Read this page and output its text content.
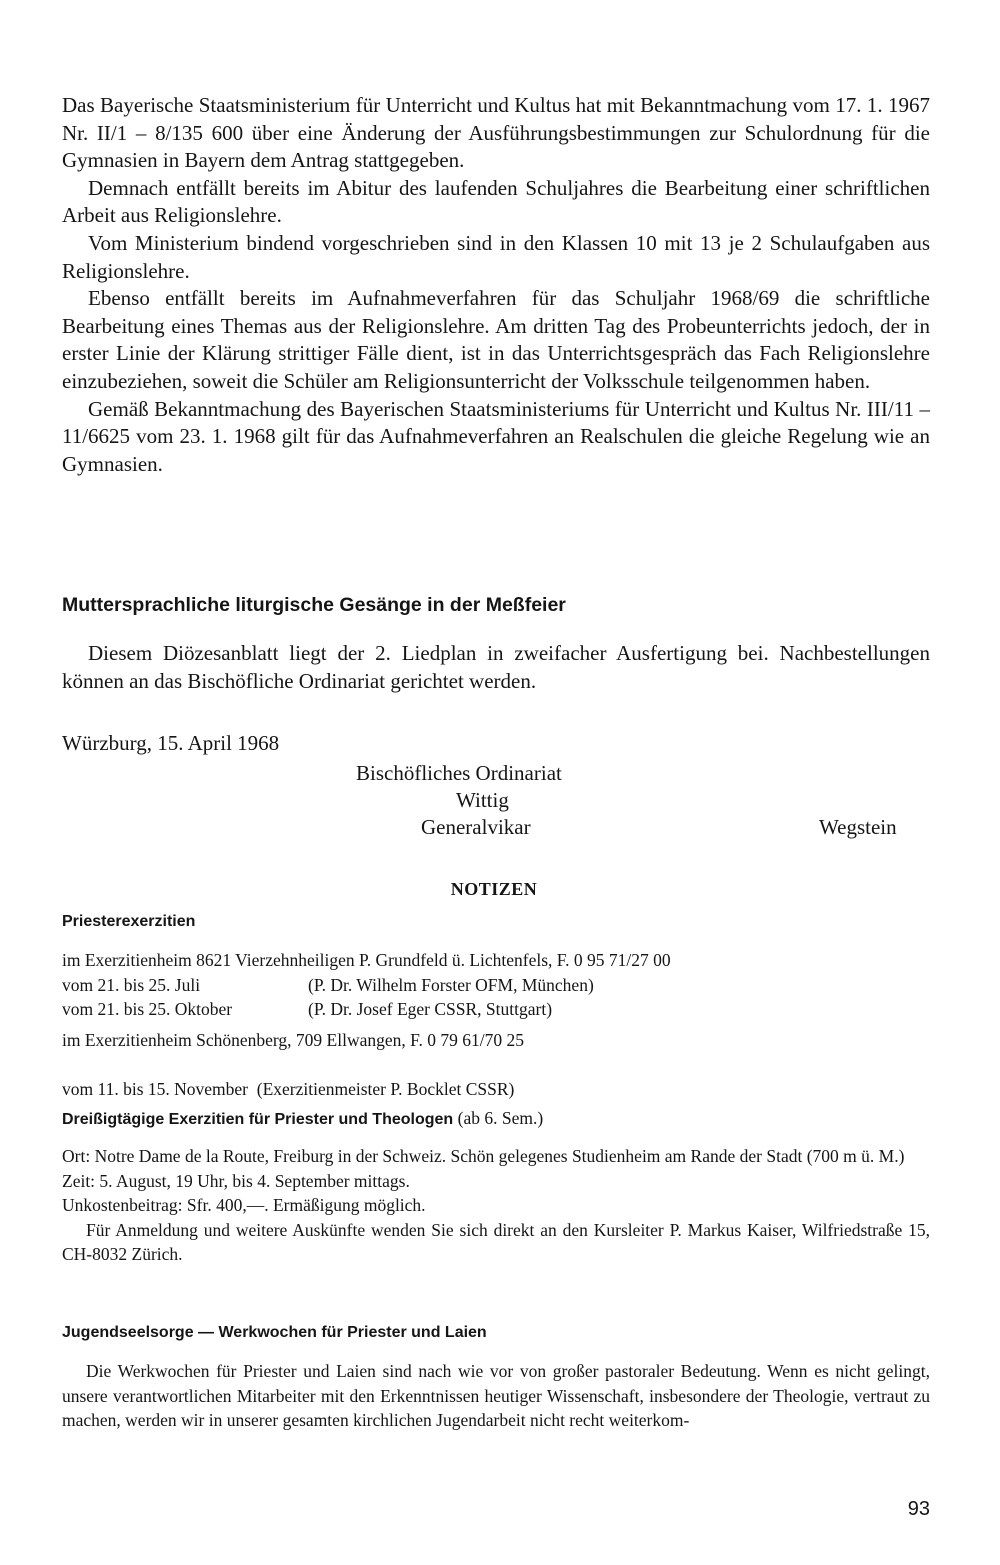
Das Bayerische Staatsministerium für Unterricht und Kultus hat mit Bekanntmachung vom 17. 1. 1967 Nr. II/1 – 8/135 600 über eine Änderung der Ausführungsbestimmungen zur Schulordnung für die Gymnasien in Bayern dem Antrag stattgegeben.

Demnach entfällt bereits im Abitur des laufenden Schuljahres die Bearbeitung einer schriftlichen Arbeit aus Religionslehre.

Vom Ministerium bindend vorgeschrieben sind in den Klassen 10 mit 13 je 2 Schulaufgaben aus Religionslehre.

Ebenso entfällt bereits im Aufnahmeverfahren für das Schuljahr 1968/69 die schriftliche Bearbeitung eines Themas aus der Religionslehre. Am dritten Tag des Probeunterrichts jedoch, der in erster Linie der Klärung strittiger Fälle dient, ist in das Unterrichtsgespräch das Fach Religionslehre einzubeziehen, soweit die Schüler am Religionsunterricht der Volksschule teilgenommen haben.

Gemäß Bekanntmachung des Bayerischen Staatsministeriums für Unterricht und Kultus Nr. III/11 – 11/6625 vom 23. 1. 1968 gilt für das Aufnahmeverfahren an Realschulen die gleiche Regelung wie an Gymnasien.

Muttersprachliche liturgische Gesänge in der Meßfeier

Diesem Diözesanblatt liegt der 2. Liedplan in zweifacher Ausfertigung bei. Nachbestellungen können an das Bischöfliche Ordinariat gerichtet werden.

Würzburg, 15. April 1968
Bischöfliches Ordinariat
Wittig
Generalvikar	Wegstein
NOTIZEN

Priesterexerzitien

im Exerzitienheim 8621 Vierzehnheiligen P. Grundfeld ü. Lichtenfels, F. 0 95 71/27 00
vom 21. bis 25. Juli	(P. Dr. Wilhelm Forster OFM, München)
vom 21. bis 25. Oktober	(P. Dr. Josef Eger CSSR, Stuttgart)
im Exerzitienheim Schönenberg, 709 Ellwangen, F. 0 79 61/70 25

vom 11. bis 15. November  (Exerzitienmeister P. Bocklet CSSR)

Dreißigtägige Exerzitien für Priester und Theologen (ab 6. Sem.)

Ort: Notre Dame de la Route, Freiburg in der Schweiz. Schön gelegenes Studienheim am Rande der Stadt (700 m ü. M.)

Zeit: 5. August, 19 Uhr, bis 4. September mittags.

Unkostenbeitrag: Sfr. 400,—. Ermäßigung möglich.

Für Anmeldung und weitere Auskünfte wenden Sie sich direkt an den Kursleiter P. Markus Kaiser, Wilfriedstraße 15, CH-8032 Zürich.

Jugendseelsorge — Werkwochen für Priester und Laien

Die Werkwochen für Priester und Laien sind nach wie vor von großer pastoraler Bedeutung. Wenn es nicht gelingt, unsere verantwortlichen Mitarbeiter mit den Erkenntnissen heutiger Wissenschaft, insbesondere der Theologie, vertraut zu machen, werden wir in unserer gesamten kirchlichen Jugendarbeit nicht recht weiterkom-

93
